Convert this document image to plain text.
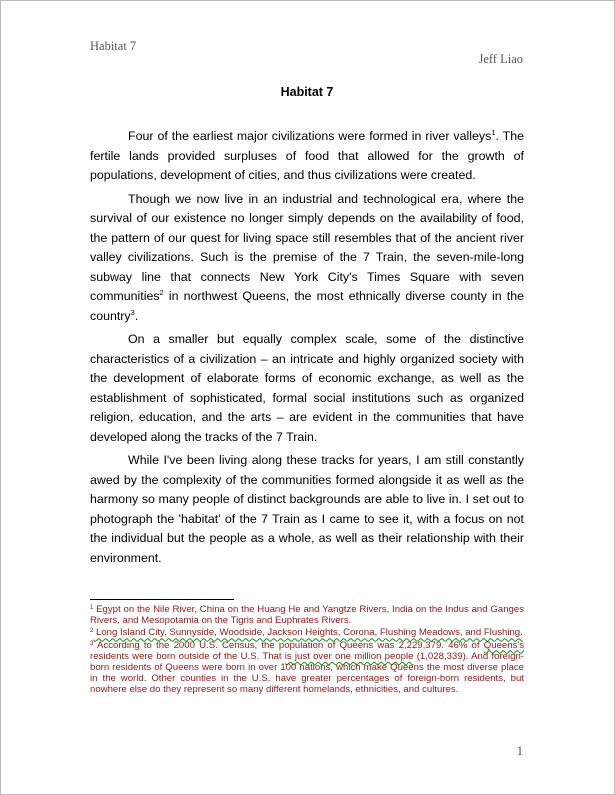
Habitat 7
Jeff Liao
Habitat 7

Four of the earliest major civilizations were formed in river valleys$^1$. The fertile lands provided surpluses of food that allowed for the growth of populations, development of cities, and thus civilizations were created.

Though we now live in an industrial and technological era, where the survival of our existence no longer simply depends on the availability of food, the pattern of our quest for living space still resembles that of the ancient river valley civilizations. Such is the premise of the 7 Train, the seven-mile-long subway line that connects New York City's Times Square with seven communities$^2$ in northwest Queens, the most ethnically diverse county in the country$^3$.

On a smaller but equally complex scale, some of the distinctive characteristics of a civilization – an intricate and highly organized society with the development of elaborate forms of economic exchange, as well as the establishment of sophisticated, formal social institutions such as organized religion, education, and the arts – are evident in the communities that have developed along the tracks of the 7 Train.

While I've been living along these tracks for years, I am still constantly awed by the complexity of the communities formed alongside it as well as the harmony so many people of distinct backgrounds are able to live in. I set out to photograph the 'habitat' of the 7 Train as I came to see it, with a focus on not the individual but the people as a whole, as well as their relationship with their environment.

$^1$ Egypt on the Nile River, China on the Huang He and Yangtze Rivers, India on the Indus and Ganges Rivers, and Mesopotamia on the Tigris and Euphrates Rivers.

$^2$ Long Island City, Sunnyside, Woodside, Jackson Heights, Corona, Flushing Meadows, and Flushing.

$^3$ According to the 2000 U.S. Census, the population of Queens was 2,229,379. 46% of Queens's residents were born outside of the U.S. That is just over one million people (1,028,339). And foreign-born residents of Queens were born in over 100 nations, which make Queens the most diverse place in the world. Other counties in the U.S. have greater percentages of foreign-born residents, but nowhere else do they represent so many different homelands, ethnicities, and cultures.

1
